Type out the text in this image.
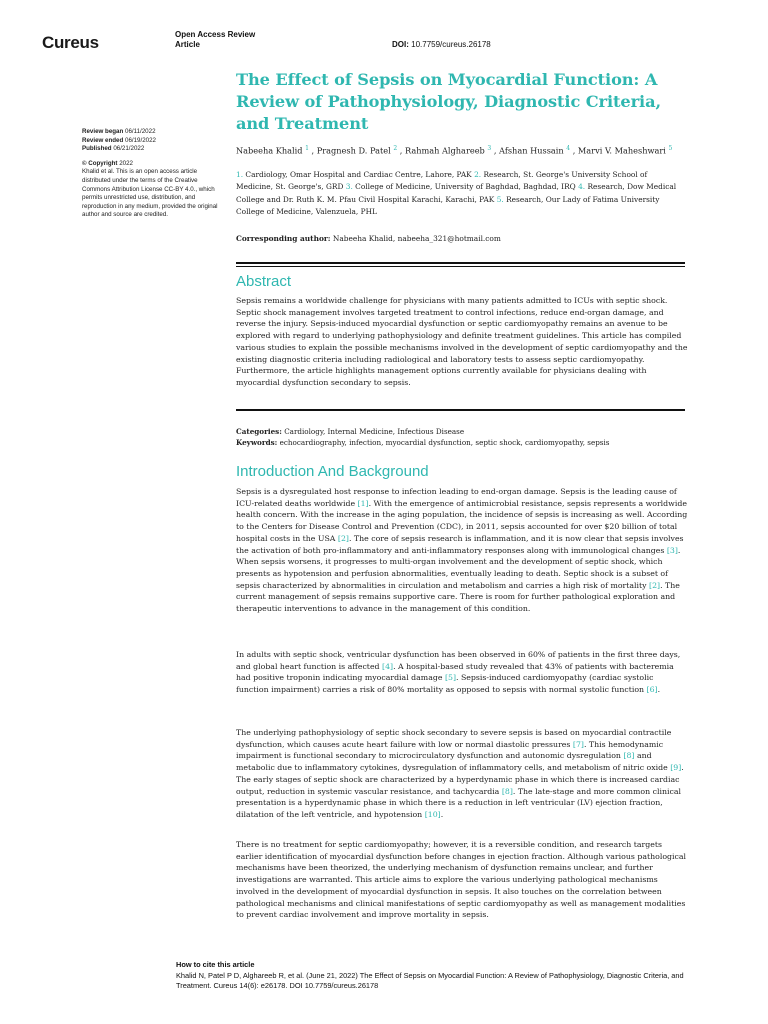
Cureus	Open Access Review
Article	DOI: 10.7759/cureus.26178
The Effect of Sepsis on Myocardial Function: A Review of Pathophysiology, Diagnostic Criteria, and Treatment
Nabeeha Khalid $^1$ , Pragnesh D. Patel $^2$ , Rahmah Alghareeb $^3$ , Afshan Hussain $^4$ , Marvi V. Maheshwari $^5$
Review began 06/11/2022
Review ended 06/19/2022
Published 06/21/2022
© Copyright 2022
Khalid et al. This is an open access article distributed under the terms of the Creative Commons Attribution License CC-BY 4.0., which permits unrestricted use, distribution, and reproduction in any medium, provided the original author and source are credited.
1. Cardiology, Omar Hospital and Cardiac Centre, Lahore, PAK 2. Research, St. George's University School of Medicine, St. George's, GRD 3. College of Medicine, University of Baghdad, Baghdad, IRQ 4. Research, Dow Medical College and Dr. Ruth K. M. Pfau Civil Hospital Karachi, Karachi, PAK 5. Research, Our Lady of Fatima University College of Medicine, Valenzuela, PHL
Corresponding author: Nabeeha Khalid, nabeeha_321@hotmail.com
Abstract
Sepsis remains a worldwide challenge for physicians with many patients admitted to ICUs with septic shock. Septic shock management involves targeted treatment to control infections, reduce end-organ damage, and reverse the injury. Sepsis-induced myocardial dysfunction or septic cardiomyopathy remains an avenue to be explored with regard to underlying pathophysiology and definite treatment guidelines. This article has compiled various studies to explain the possible mechanisms involved in the development of septic cardiomyopathy and the existing diagnostic criteria including radiological and laboratory tests to assess septic cardiomyopathy. Furthermore, the article highlights management options currently available for physicians dealing with myocardial dysfunction secondary to sepsis.
Categories: Cardiology, Internal Medicine, Infectious Disease
Keywords: echocardiography, infection, myocardial dysfunction, septic shock, cardiomyopathy, sepsis
Introduction And Background
Sepsis is a dysregulated host response to infection leading to end-organ damage. Sepsis is the leading cause of ICU-related deaths worldwide [1]. With the emergence of antimicrobial resistance, sepsis represents a worldwide health concern. With the increase in the aging population, the incidence of sepsis is increasing as well. According to the Centers for Disease Control and Prevention (CDC), in 2011, sepsis accounted for over $20 billion of total hospital costs in the USA [2]. The core of sepsis research is inflammation, and it is now clear that sepsis involves the activation of both pro-inflammatory and anti-inflammatory responses along with immunological changes [3]. When sepsis worsens, it progresses to multi-organ involvement and the development of septic shock, which presents as hypotension and perfusion abnormalities, eventually leading to death. Septic shock is a subset of sepsis characterized by abnormalities in circulation and metabolism and carries a high risk of mortality [2]. The current management of sepsis remains supportive care. There is room for further pathological exploration and therapeutic interventions to advance in the management of this condition.
In adults with septic shock, ventricular dysfunction has been observed in 60% of patients in the first three days, and global heart function is affected [4]. A hospital-based study revealed that 43% of patients with bacteremia had positive troponin indicating myocardial damage [5]. Sepsis-induced cardiomyopathy (cardiac systolic function impairment) carries a risk of 80% mortality as opposed to sepsis with normal systolic function [6].
The underlying pathophysiology of septic shock secondary to severe sepsis is based on myocardial contractile dysfunction, which causes acute heart failure with low or normal diastolic pressures [7]. This hemodynamic impairment is functional secondary to microcirculatory dysfunction and autonomic dysregulation [8] and metabolic due to inflammatory cytokines, dysregulation of inflammatory cells, and metabolism of nitric oxide [9]. The early stages of septic shock are characterized by a hyperdynamic phase in which there is increased cardiac output, reduction in systemic vascular resistance, and tachycardia [8]. The late-stage and more common clinical presentation is a hyperdynamic phase in which there is a reduction in left ventricular (LV) ejection fraction, dilatation of the left ventricle, and hypotension [10].
There is no treatment for septic cardiomyopathy; however, it is a reversible condition, and research targets earlier identification of myocardial dysfunction before changes in ejection fraction. Although various pathological mechanisms have been theorized, the underlying mechanism of dysfunction remains unclear, and further investigations are warranted. This article aims to explore the various underlying pathological mechanisms involved in the development of myocardial dysfunction in sepsis. It also touches on the correlation between pathological mechanisms and clinical manifestations of septic cardiomyopathy as well as management modalities to prevent cardiac involvement and improve mortality in sepsis.
How to cite this article
Khalid N, Patel P D, Alghareeb R, et al. (June 21, 2022) The Effect of Sepsis on Myocardial Function: A Review of Pathophysiology, Diagnostic Criteria, and Treatment. Cureus 14(6): e26178. DOI 10.7759/cureus.26178
